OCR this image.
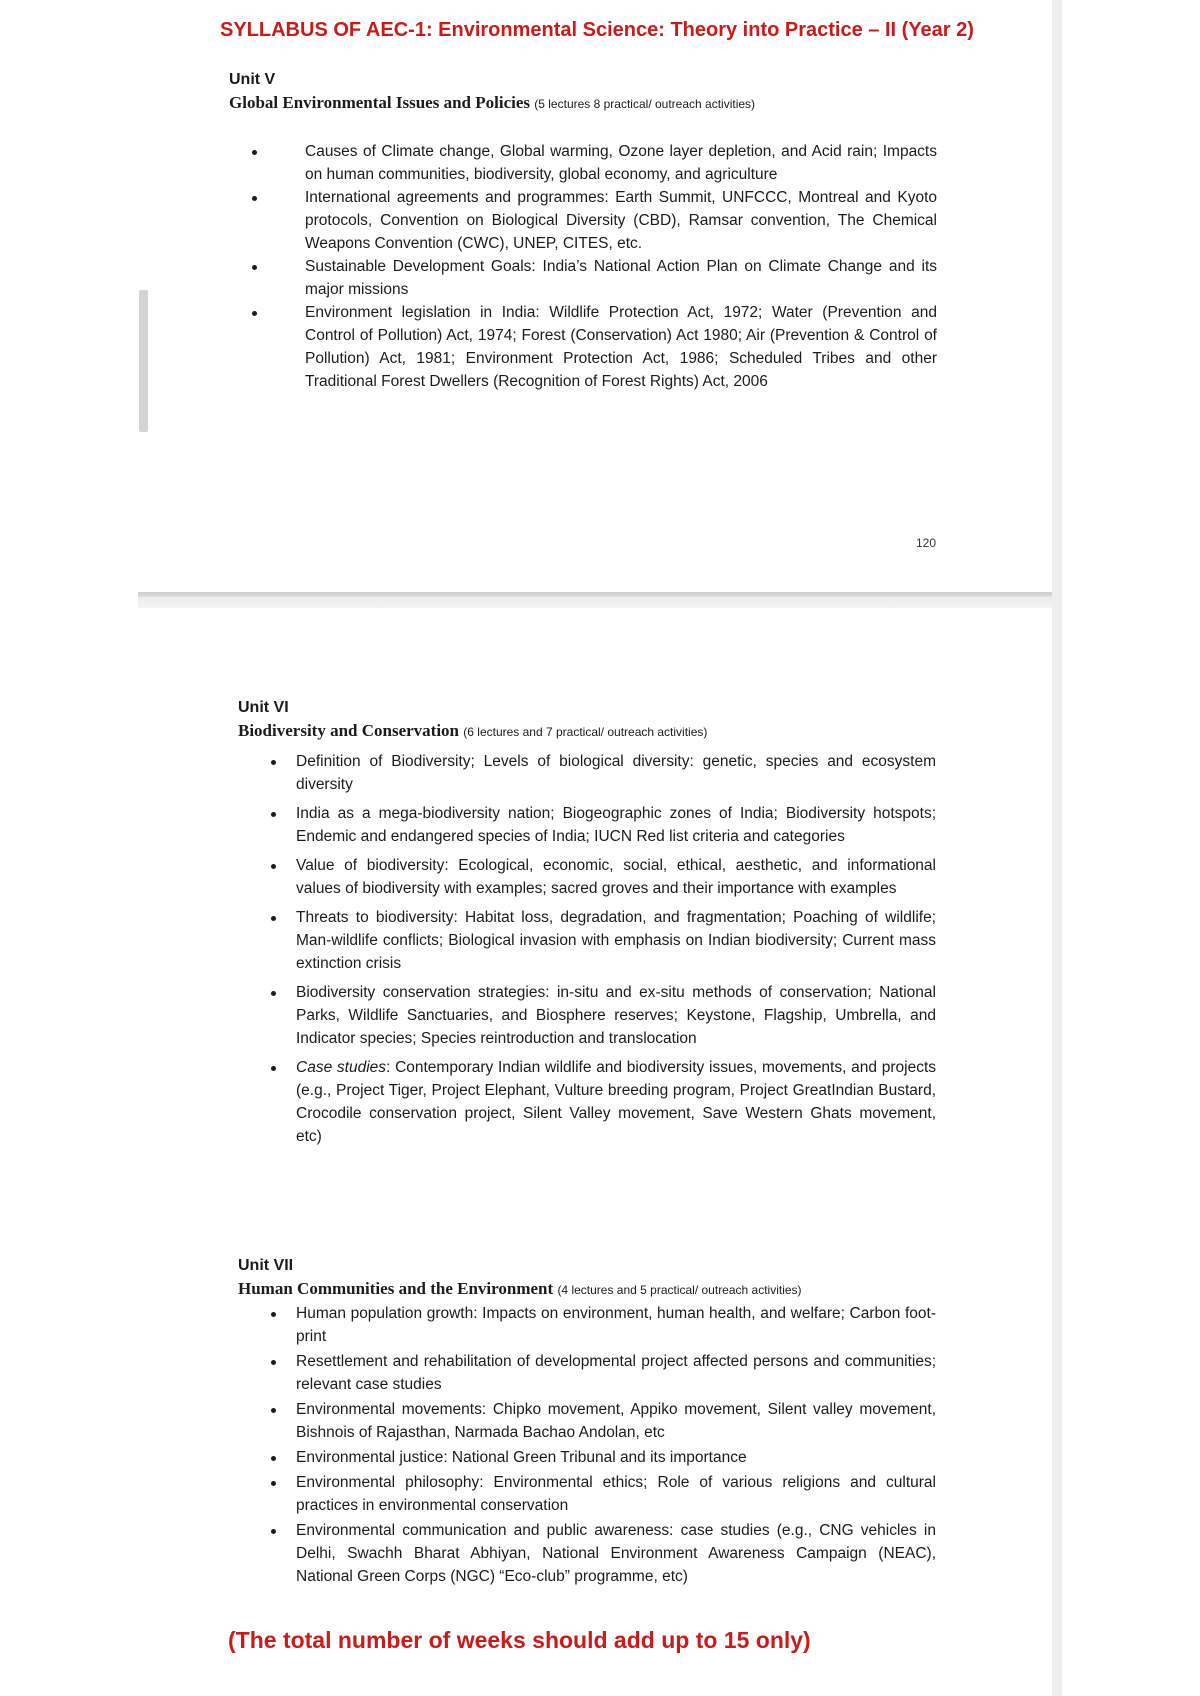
SYLLABUS OF AEC-1: Environmental Science: Theory into Practice – II (Year 2)
Unit V
Global Environmental Issues and Policies (5 lectures 8 practical/ outreach activities)
Causes of Climate change, Global warming, Ozone layer depletion, and Acid rain; Impacts on human communities, biodiversity, global economy, and agriculture
International agreements and programmes: Earth Summit, UNFCCC, Montreal and Kyoto protocols, Convention on Biological Diversity (CBD), Ramsar convention, The Chemical Weapons Convention (CWC), UNEP, CITES, etc.
Sustainable Development Goals: India’s National Action Plan on Climate Change and its major missions
Environment legislation in India: Wildlife Protection Act, 1972; Water (Prevention and Control of Pollution) Act, 1974; Forest (Conservation) Act 1980; Air (Prevention & Control of Pollution) Act, 1981; Environment Protection Act, 1986; Scheduled Tribes and other Traditional Forest Dwellers (Recognition of Forest Rights) Act, 2006
120
Unit VI
Biodiversity and Conservation (6 lectures and 7 practical/ outreach activities)
Definition of Biodiversity; Levels of biological diversity: genetic, species and ecosystem diversity
India as a mega-biodiversity nation; Biogeographic zones of India; Biodiversity hotspots; Endemic and endangered species of India; IUCN Red list criteria and categories
Value of biodiversity: Ecological, economic, social, ethical, aesthetic, and informational values of biodiversity with examples; sacred groves and their importance with examples
Threats to biodiversity: Habitat loss, degradation, and fragmentation; Poaching of wildlife; Man-wildlife conflicts; Biological invasion with emphasis on Indian biodiversity; Current mass extinction crisis
Biodiversity conservation strategies: in-situ and ex-situ methods of conservation; National Parks, Wildlife Sanctuaries, and Biosphere reserves; Keystone, Flagship, Umbrella, and Indicator species; Species reintroduction and translocation
Case studies: Contemporary Indian wildlife and biodiversity issues, movements, and projects (e.g., Project Tiger, Project Elephant, Vulture breeding program, Project GreatIndian Bustard, Crocodile conservation project, Silent Valley movement, Save Western Ghats movement, etc)
Unit VII
Human Communities and the Environment (4 lectures and 5 practical/ outreach activities)
Human population growth: Impacts on environment, human health, and welfare; Carbon foot-print
Resettlement and rehabilitation of developmental project affected persons and communities; relevant case studies
Environmental movements: Chipko movement, Appiko movement, Silent valley movement, Bishnois of Rajasthan, Narmada Bachao Andolan, etc
Environmental justice: National Green Tribunal and its importance
Environmental philosophy: Environmental ethics; Role of various religions and cultural practices in environmental conservation
Environmental communication and public awareness: case studies (e.g., CNG vehicles in Delhi, Swachh Bharat Abhiyan, National Environment Awareness Campaign (NEAC), National Green Corps (NGC) “Eco-club” programme, etc)
(The total number of weeks should add up to 15 only)
